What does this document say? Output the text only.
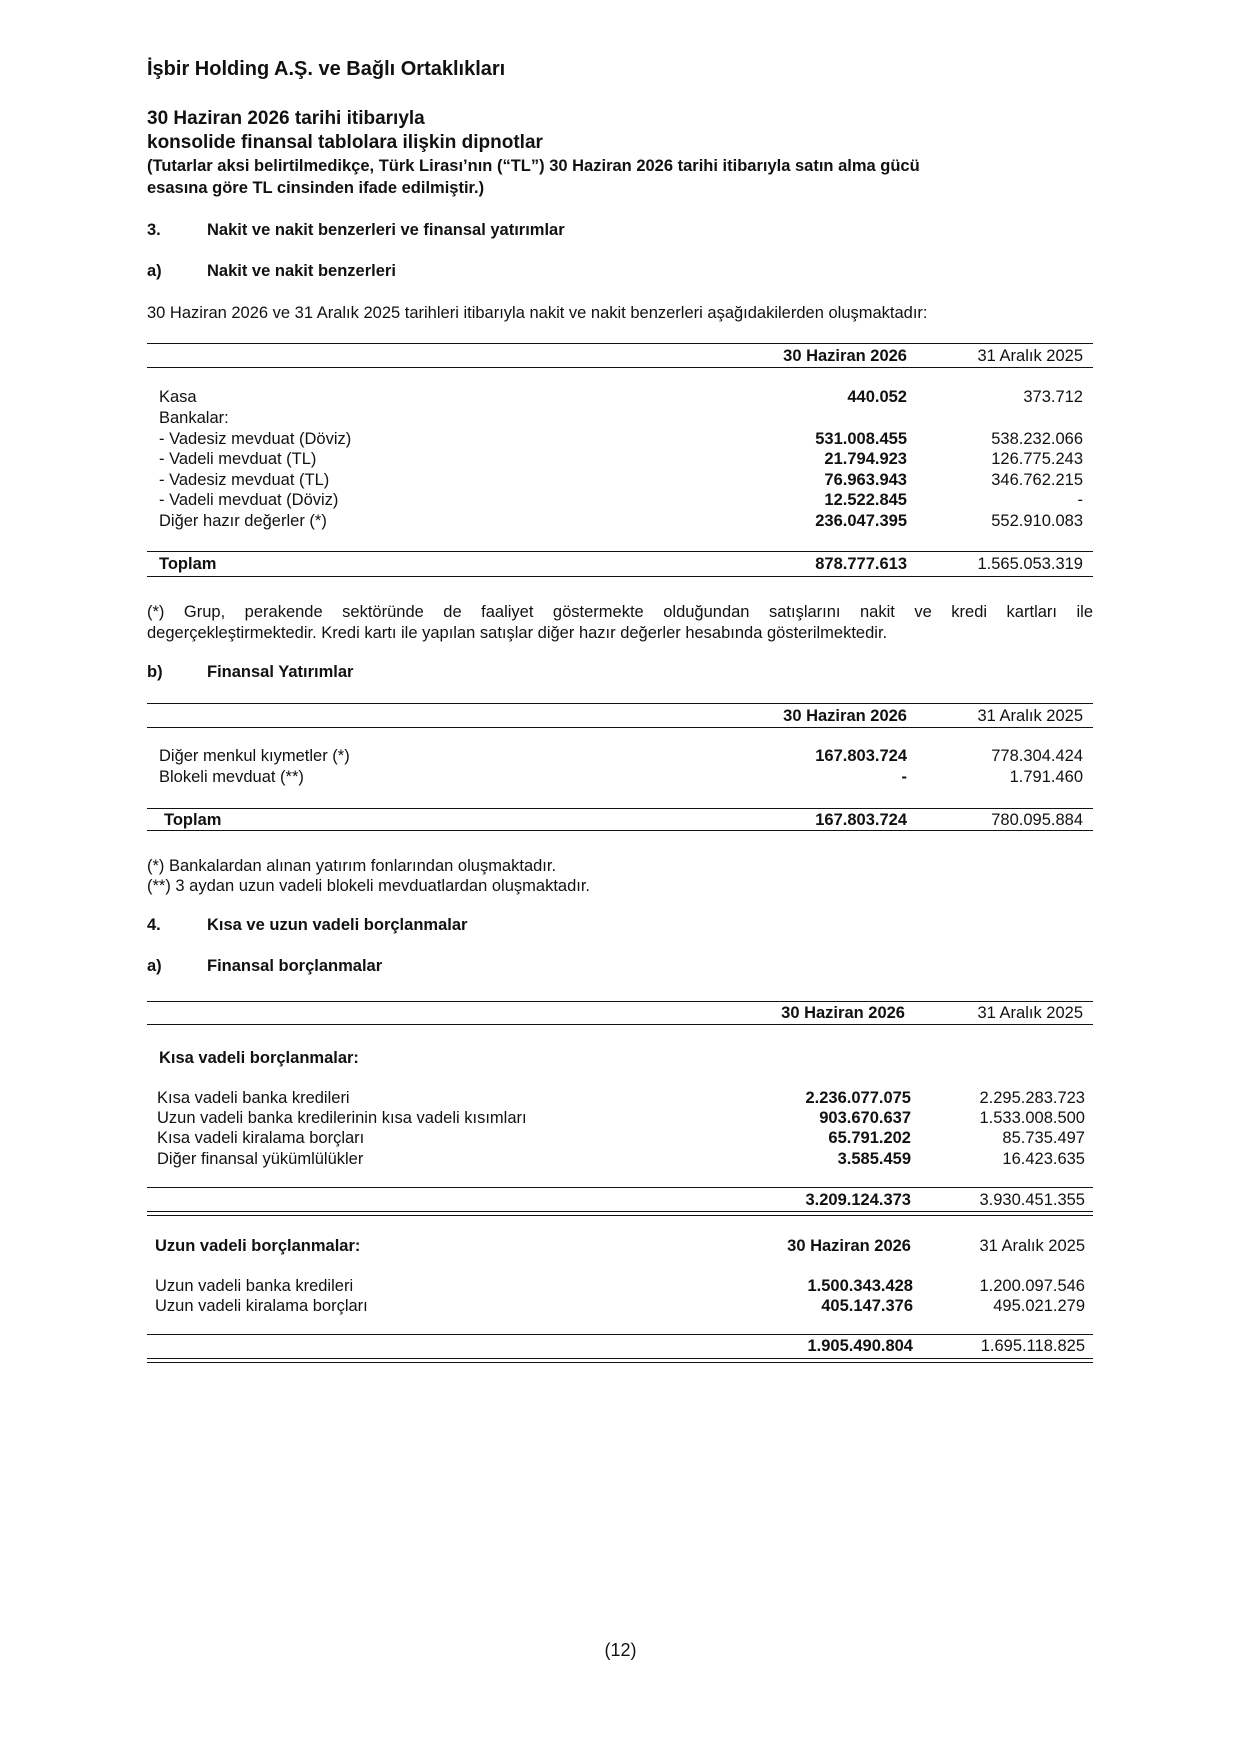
İşbir Holding A.Ş. ve Bağlı Ortaklıkları
30 Haziran 2026 tarihi itibarıyla
konsolide finansal tablolara ilişkin dipnotlar
(Tutarlar aksi belirtilmedikçe, Türk Lirası’nın (“TL”) 30 Haziran 2026 tarihi itibarıyla satın alma gücü
esasına göre TL cinsinden ifade edilmiştir.)
3.	Nakit ve nakit benzerleri ve finansal yatırımlar
a)	Nakit ve nakit benzerleri
30 Haziran 2026 ve 31 Aralık 2025 tarihleri itibarıyla nakit ve nakit benzerleri aşağıdakilerden oluşmaktadır:
30 Haziran 2026	31 Aralık 2025
Kasa	440.052	373.712
Bankalar:
- Vadesiz mevduat (Döviz)	531.008.455	538.232.066
- Vadeli mevduat (TL)	21.794.923	126.775.243
- Vadesiz mevduat (TL)	76.963.943	346.762.215
- Vadeli mevduat (Döviz)	12.522.845	-
Diğer hazır değerler (*)	236.047.395	552.910.083
Toplam	878.777.613	1.565.053.319
(*) Grup, perakende sektöründe de faaliyet göstermekte olduğundan satışlarını nakit ve kredi kartları ile
degerçekleştirmektedir. Kredi kartı ile yapılan satışlar diğer hazır değerler hesabında gösterilmektedir.
b)	Finansal Yatırımlar
30 Haziran 2026	31 Aralık 2025
Diğer menkul kıymetler (*)	167.803.724	778.304.424
Blokeli mevduat (**)	-	1.791.460
Toplam	167.803.724	780.095.884
(*) Bankalardan alınan yatırım fonlarından oluşmaktadır.
(**) 3 aydan uzun vadeli blokeli mevduatlardan oluşmaktadır.
4.	Kısa ve uzun vadeli borçlanmalar
a)	Finansal borçlanmalar
30 Haziran 2026	31 Aralık 2025
Kısa vadeli borçlanmalar:
Kısa vadeli banka kredileri	2.236.077.075	2.295.283.723
Uzun vadeli banka kredilerinin kısa vadeli kısımları	903.670.637	1.533.008.500
Kısa vadeli kiralama borçları	65.791.202	85.735.497
Diğer finansal yükümlülükler	3.585.459	16.423.635
3.209.124.373	3.930.451.355
Uzun vadeli borçlanmalar:	30 Haziran 2026	31 Aralık 2025
Uzun vadeli banka kredileri	1.500.343.428	1.200.097.546
Uzun vadeli kiralama borçları	405.147.376	495.021.279
1.905.490.804	1.695.118.825
(12)
